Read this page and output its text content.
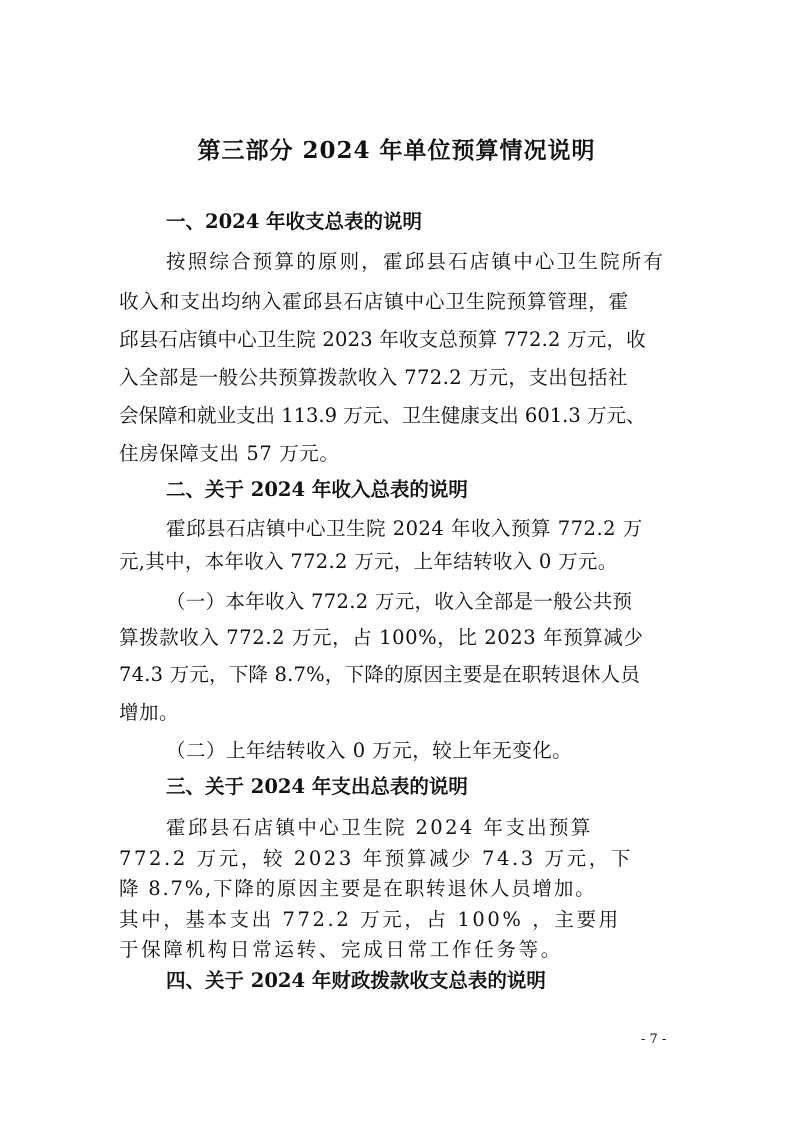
第三部分 2024 年单位预算情况说明
一、2024 年收支总表的说明
按照综合预算的原则，霍邱县石店镇中心卫生院所有
收入和支出均纳入霍邱县石店镇中心卫生院预算管理，霍
邱县石店镇中心卫生院 2023 年收支总预算 772.2 万元，收
入全部是一般公共预算拨款收入 772.2 万元，支出包括社
会保障和就业支出 113.9 万元、卫生健康支出 601.3 万元、
住房保障支出 57 万元。
二、关于 2024 年收入总表的说明
霍邱县石店镇中心卫生院 2024 年收入预算 772.2 万
元,其中，本年收入 772.2 万元，上年结转收入 0 万元。
（一）本年收入 772.2 万元，收入全部是一般公共预
算拨款收入 772.2 万元，占 100%，比 2023 年预算减少
74.3 万元，下降 8.7%，下降的原因主要是在职转退休人员
增加。
（二）上年结转收入 0 万元，较上年无变化。
三、关于 2024 年支出总表的说明
霍邱县石店镇中心卫生院 2024 年支出预算
772.2 万元，较 2023 年预算减少 74.3 万元，下
降 8.7%,下降的原因主要是在职转退休人员增加。
其中，基本支出 772.2 万元，占 100% ，主要用
于保障机构日常运转、完成日常工作任务等。
四、关于 2024 年财政拨款收支总表的说明
- 7 -
